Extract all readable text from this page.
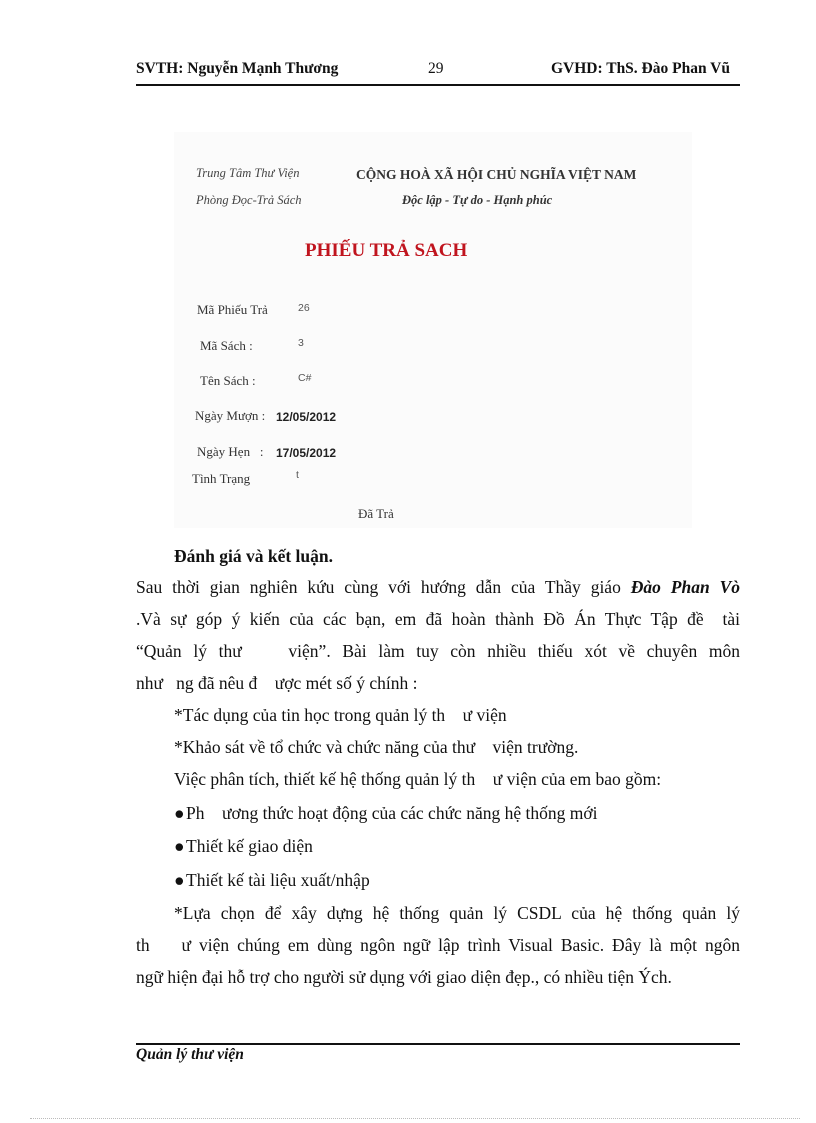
SVTH: Nguyễn Mạnh Thương	29	GVHD: ThS. Đào Phan Vũ
Trung Tâm Thư Viện
Phòng Đọc-Trả Sách
CỘNG HOÀ XÃ HỘI CHỦ NGHĨA VIỆT NAM
Độc lập - Tự do - Hạnh phúc
PHIẾU TRẢ SACH
Mã Phiếu Trả	26
Mã Sách :	3
Tên Sách :	C#
Ngày Mượn : 12/05/2012
Ngày Hẹn   : 17/05/2012
Tình Trạng	t
Đã Trả
Đánh giá và kết luận.
Sau thời gian nghiên kứu cùng với hướng dẫn của Thầy giáo Đào Phan Vò
.Và sự góp ý kiến của các bạn, em đã hoàn thành Đồ Án Thực Tập đề  tài
“Quản lý thư    viện”. Bài làm tuy còn nhiều thiếu xót về chuyên môn
như   ng đã nêu đ    ược mét số ý chính :
*Tác dụng của tin học trong quản lý th    ư viện
*Khảo sát về tổ chức và chức năng của thư    viện trường.
Việc phân tích, thiết kế hệ thống quản lý th    ư viện của em bao gồm:
●Ph    ương thức hoạt động của các chức năng hệ thống mới
●Thiết kế giao diện
●Thiết kế tài liệu xuất/nhập
*Lựa chọn để xây dựng hệ thống quản lý CSDL của hệ thống quản lý
th    ư viện chúng em dùng ngôn ngữ lập trình Visual Basic. Đây là một ngôn
ngữ hiện đại hỗ trợ cho người sử dụng với giao diện đẹp., có nhiều tiện Ých.
Quản lý thư viện
